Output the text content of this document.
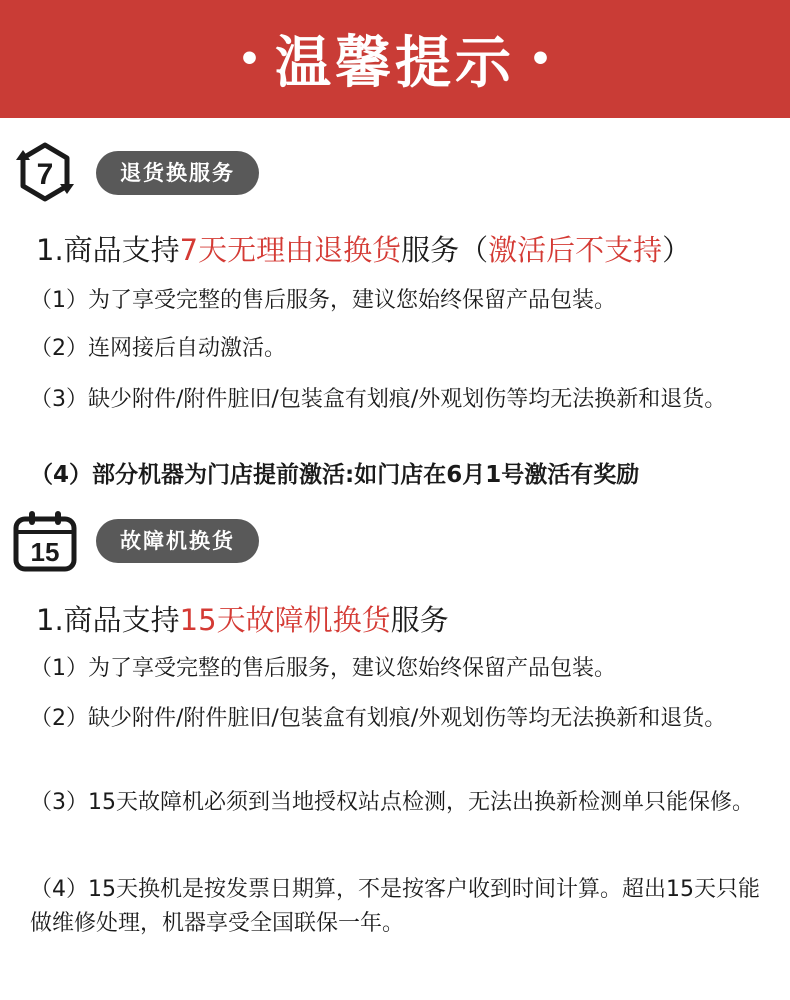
• 温馨提示 •
7	退货换服务
1.商品支持7天无理由退换货服务（激活后不支持）
（1）为了享受完整的售后服务，建议您始终保留产品包装。
（2）连网接后自动激活。
（3）缺少附件/附件脏旧/包装盒有划痕/外观划伤等均无法换新和退货。
（4）部分机器为门店提前激活:如门店在6月1号激活有奖励
15	故障机换货
1.商品支持15天故障机换货服务
（1）为了享受完整的售后服务，建议您始终保留产品包装。
（2）缺少附件/附件脏旧/包装盒有划痕/外观划伤等均无法换新和退货。
（3）15天故障机必须到当地授权站点检测，无法出换新检测单只能保修。
（4）15天换机是按发票日期算，不是按客户收到时间计算。超出15天只能做维修处理，机器享受全国联保一年。
